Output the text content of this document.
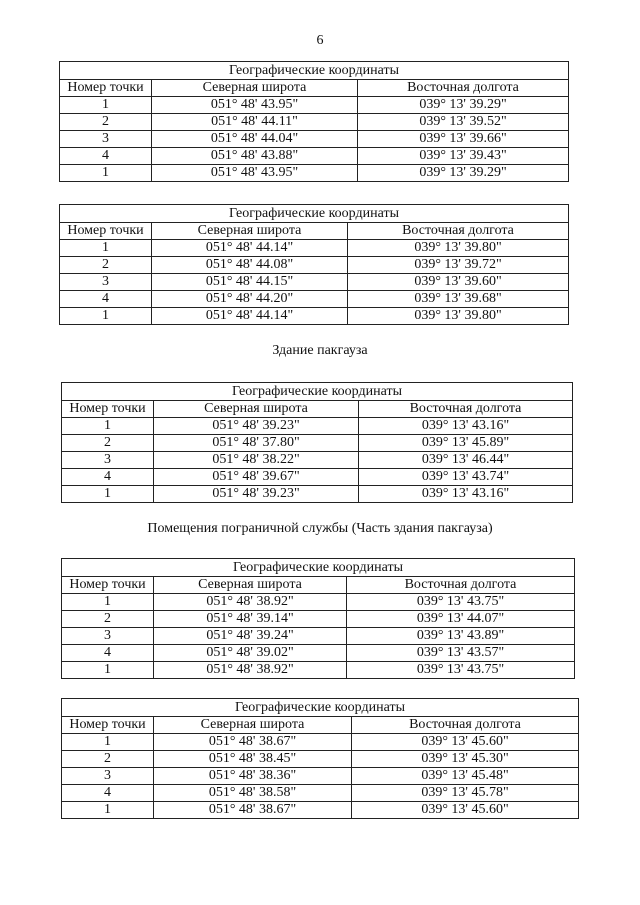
6
Географические координаты		
Номер точки	Северная широта	Восточная долгота
1	051° 48' 43.95"	039° 13' 39.29"
2	051° 48' 44.11"	039° 13' 39.52"
3	051° 48' 44.04"	039° 13' 39.66"
4	051° 48' 43.88"	039° 13' 39.43"
1	051° 48' 43.95"	039° 13' 39.29"
Географические координаты		
Номер точки	Северная широта	Восточная долгота
1	051° 48' 44.14"	039° 13' 39.80"
2	051° 48' 44.08"	039° 13' 39.72"
3	051° 48' 44.15"	039° 13' 39.60"
4	051° 48' 44.20"	039° 13' 39.68"
1	051° 48' 44.14"	039° 13' 39.80"
Здание пакгауза
Географические координаты		
Номер точки	Северная широта	Восточная долгота
1	051° 48' 39.23"	039° 13' 43.16"
2	051° 48' 37.80"	039° 13' 45.89"
3	051° 48' 38.22"	039° 13' 46.44"
4	051° 48' 39.67"	039° 13' 43.74"
1	051° 48' 39.23"	039° 13' 43.16"
Помещения пограничной службы (Часть здания пакгауза)
Географические координаты		
Номер точки	Северная широта	Восточная долгота
1	051° 48' 38.92"	039° 13' 43.75"
2	051° 48' 39.14"	039° 13' 44.07"
3	051° 48' 39.24"	039° 13' 43.89"
4	051° 48' 39.02"	039° 13' 43.57"
1	051° 48' 38.92"	039° 13' 43.75"
Географические координаты		
Номер точки	Северная широта	Восточная долгота
1	051° 48' 38.67"	039° 13' 45.60"
2	051° 48' 38.45"	039° 13' 45.30"
3	051° 48' 38.36"	039° 13' 45.48"
4	051° 48' 38.58"	039° 13' 45.78"
1	051° 48' 38.67"	039° 13' 45.60"
